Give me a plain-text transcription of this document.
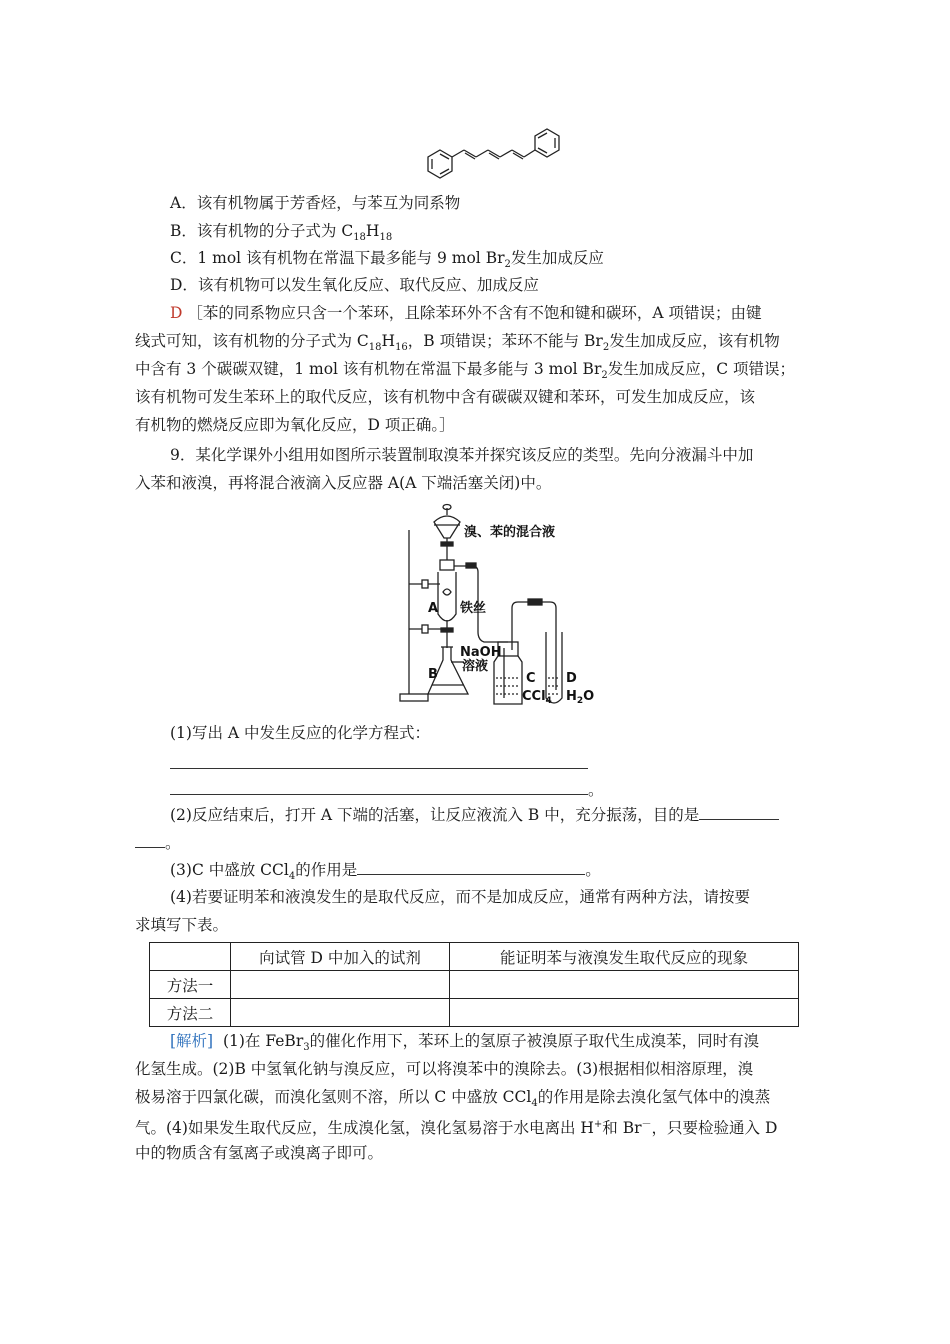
A．该有机物属于芳香烃，与苯互为同系物
B．该有机物的分子式为 $C_{18}H_{18}$
C．1 mol 该有机物在常温下最多能与 9 mol $Br_2$发生加成反应
D．该有机物可以发生氧化反应、取代反应、加成反应
D ［苯的同系物应只含一个苯环，且除苯环外不含有不饱和键和碳环，A 项错误；由键
线式可知，该有机物的分子式为 $C_{18}H_{16}$，B 项错误；苯环不能与 $Br_2$发生加成反应，该有机物
中含有 3 个碳碳双键，1 mol 该有机物在常温下最多能与 3 mol $Br_2$发生加成反应，C 项错误；
该有机物可发生苯环上的取代反应，该有机物中含有碳碳双键和苯环，可发生加成反应，该
有机物的燃烧反应即为氧化反应，D 项正确。］
9．某化学课外小组用如图所示装置制取溴苯并探究该反应的类型。先向分液漏斗中加
入苯和液溴，再将混合液滴入反应器 A(A 下端活塞关闭)中。
溴、苯的混合液
A 铁丝
NaOH
溶液
B	C
CCl$_4$
D
$H_2O$
(1)写出 A 中发生反应的化学方程式：
。
(2)反应结束后，打开 A 下端的活塞，让反应液流入 B 中，充分振荡，目的是
。
(3)C 中盛放 CCl$_4$的作用是	。
(4)若要证明苯和液溴发生的是取代反应，而不是加成反应，通常有两种方法，请按要
求填写下表。
	向试管 D 中加入的试剂	能证明苯与液溴发生取代反应的现象
方法一		
方法二		
[解析] (1)在 FeBr$_3$的催化作用下，苯环上的氢原子被溴原子取代生成溴苯，同时有溴
化氢生成。(2)B 中氢氧化钠与溴反应，可以将溴苯中的溴除去。(3)根据相似相溶原理，溴
极易溶于四氯化碳，而溴化氢则不溶，所以 C 中盛放 CCl$_4$的作用是除去溴化氢气体中的溴蒸
气。(4)如果发生取代反应，生成溴化氢，溴化氢易溶于水电离出 H+和 Br－，只要检验通入 D
中的物质含有氢离子或溴离子即可。
